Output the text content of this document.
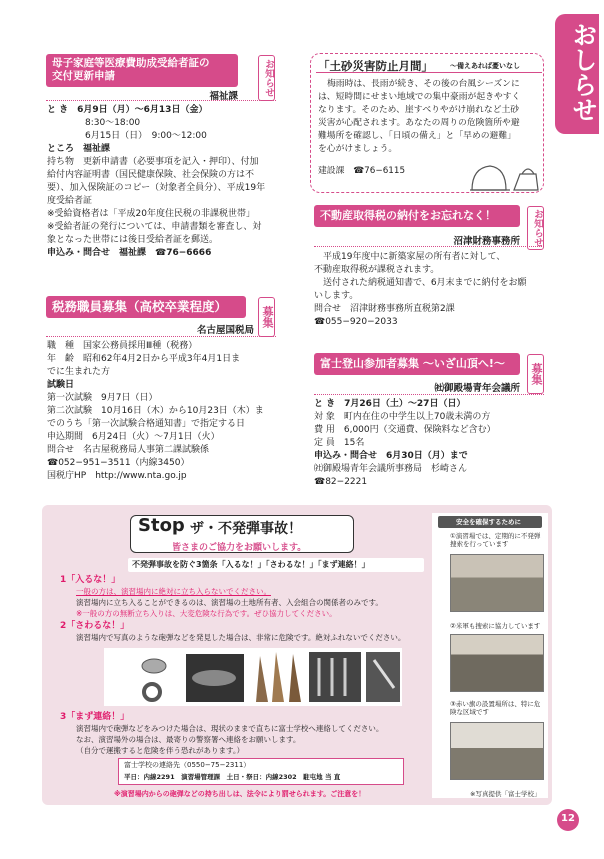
おしらせ
母子家庭等医療費助成受給者証の
交付更新申請
福祉課	お知らせ
と き　6月9日（月）〜6月13日（金）
8:30〜18:00
6月15日（日）　9:00〜12:00
ところ　福祉課
持ち物　更新申請書（必要事項を記入・押印）、付加
給付内容証明書（国民健康保険、社会保険の方は不
要）、加入保険証のコピー（対象者全員分）、平成19年
度受給者証
※受給資格者は「平成20年度住民税の非課税世帯」
※受給者証の発行については、申請書類を審査し、対
象となった世帯には後日受給者証を郵送。
申込み・問合せ　福祉課　☎76−6666
税務職員募集（高校卒業程度）
名古屋国税局
募集
職　種　国家公務員採用Ⅲ種（税務）
年　齢　昭和62年4月2日から平成3年4月1日ま
でに生まれた方
試験日
第一次試験　9月7日（日）
第二次試験　10月16日（木）から10月23日（木）ま
でのうち「第一次試験合格通知書」で指定する日
申込期間　6月24日（火）〜7月1日（火）
問合せ　名古屋税務局人事第二課試験係
☎052−951−3511（内線3450）
国税庁HP　http://www.nta.go.jp
「土砂災害防止月間」 〜備えあれば憂いなし
梅雨時は、長雨が続き、その後の台風シーズンに
は、短時間にせまい地域での集中豪雨が起きやすく
なります。そのため、崖すべりやがけ崩れなど土砂
災害が心配されます。あなたの周りの危険箇所や避
難場所を確認し、「日頃の備え」と「早めの避難」
を心がけましょう。
建設課　☎76−6115
不動産取得税の納付をお忘れなく！
沼津財務事務所	お知らせ
平成19年度中に新築家屋の所有者に対して、
不動産取得税が課税されます。
送付された納税通知書で、6月末までに納付をお願
いします。
問合せ　沼津財務事務所直税第2課
☎055−920−2033
富士登山参加者募集 〜いざ山頂へ!〜
㈳御殿場青年会議所
募集
と き　7月26日（土）〜27日（日）
対 象　町内在住の中学生以上70歳未満の方
費 用　6,000円（交通費、保険料など含む）
定 員　15名
申込み・問合せ　6月30日（月）まで
㈳御殿場青年会議所事務局　杉崎さん
☎82−2221
Stop ザ・不発弾事故！
皆さまのご協力をお願いします。
不発弾事故を防ぐ3箇条「入るな！」「さわるな！」「まず連絡！」
1「入るな！」
一般の方は、演習場内に絶対に立ち入らないでください。
演習場内に立ち入ることができるのは、演習場の土地所有者、入会組合の関係者のみです。
※一般の方の無断立ち入りは、大変危険な行為です。ぜひ協力してください。
2「さわるな！」
演習場内で写真のような砲弾などを発見した場合は、非常に危険です。絶対ふれないでください。
3「まず連絡！」
演習場内で砲弾などをみつけた場合は、現状のままで直ちに富士学校へ連絡してください。
なお、演習場外の場合は、最寄りの警察署へ連絡をお願いします。
（自分で運搬すると危険を伴う恐れがあります。）
富士学校の連絡先（0550−75−2311）
平日：内線2291　演習場管理課　土日・祭日：内線2302　駐屯地 当 直
※演習場内からの砲弾などの持ち出しは、法令により罰せられます。ご注意を！
安全を確保するために
①演習場では、定期的に不発弾捜索を行っています
②米軍も捜索に協力しています
③赤い旗の設置場所は、特に危険な区域です
※写真提供「富士学校」
12
